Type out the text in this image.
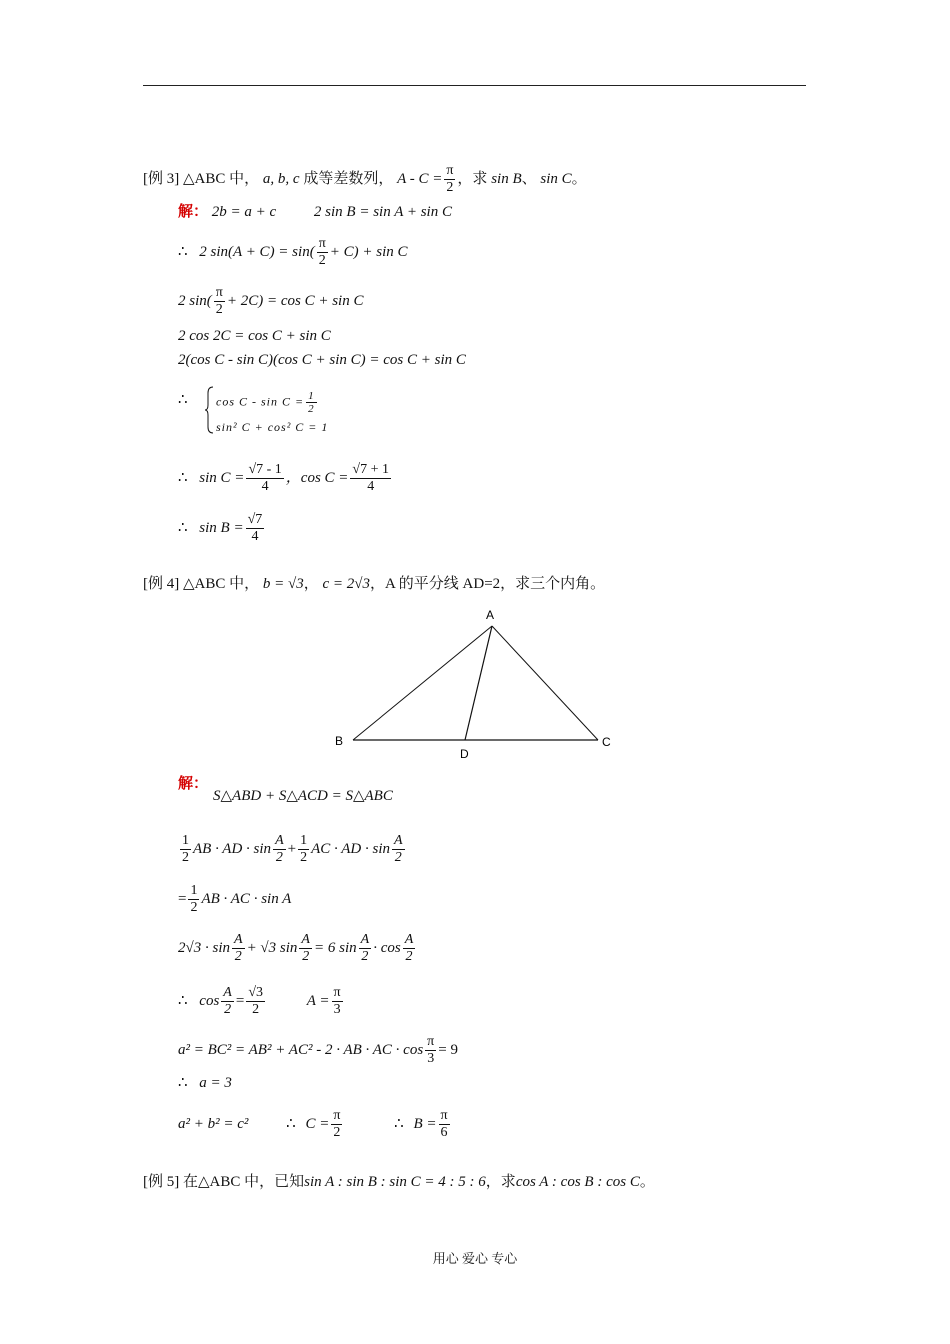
[例 3] △ABC 中， a, b, c 成等差数列， $A - C = \frac{\pi}{2}$ ，求 sin B、 sin C。
解： 2b = a + c	2 sin B = sin A + sin C
∴ 2 $\sin(A + C) = \sin( \frac{\pi}{2} + C) + \sin C$
2 $\sin( \frac{\pi}{2} + 2C) = \cos C + \sin C$
2 cos 2C = cos C + sin C
2(cos C - sin C)(cos C + sin C) = cos C + sin C
∴ $\cos C - \sin C = \frac{1}{2}$
sin² C + cos² C = 1
∴ $\sin C = \frac{√7 - 1}{4}$ ，$\cos C = \frac{√7 + 1}{4}$
∴ $\sin B = \frac{√7}{4}$
[例 4] △ABC 中， b = √3， c = 2√3，A 的平分线 AD=2，求三个内角。
A
B	C
D
解：
S△ABD + S△ACD = S△ABC
$\frac{1}{2}$ AB · AD · $\sin \frac{A}{2} + \frac{1}{2}$ AC · AD · $\sin \frac{A}{2}$
= $\frac{1}{2}$ AB · AC · sin A
$2√3 \cdot \sin \frac{A}{2} + √3$ $\sin \frac{A}{2} = 6$ $\sin \frac{A}{2} \cdot \cos \frac{A}{2}$
∴ $\cos \frac{A}{2} = \frac{√3}{2}$	$A = \frac{\pi}{3}$
a² = BC² = AB² + AC² - 2 · AB · AC · $\cos \frac{\pi}{3} = 9$
∴ a = 3
a² + b² = c²	∴ $C = \frac{\pi}{2}$	∴ $B = \frac{\pi}{6}$
[例 5] 在△ABC 中，已知sin A : sin B : sin C = 4 : 5 : 6，求cos A : cos B : cos C。
用心 爱心 专心
